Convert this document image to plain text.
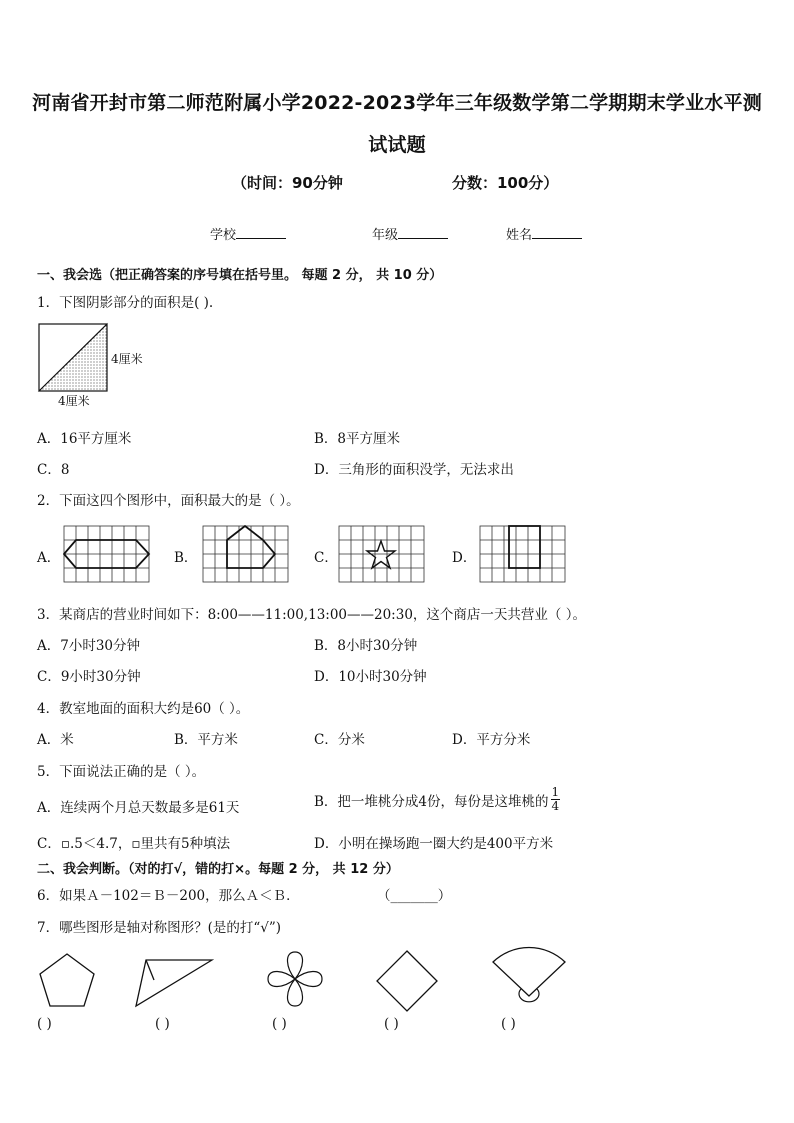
河南省开封市第二师范附属小学2022-2023学年三年级数学第二学期期末学业水平测
试试题
（时间：90分钟	分数：100分）
学校	年级	姓名
一、我会选（把正确答案的序号填在括号里。 每题 2 分， 共 10 分）
1．下图阴影部分的面积是( ).
4厘米
4厘米
A．16平方厘米	B．8平方厘米
C．8	D．三角形的面积没学，无法求出
2．下面这四个图形中，面积最大的是（ ）。
A．	B．	C．	D．
3．某商店的营业时间如下：8:00——11:00,13:00——20:30，这个商店一天共营业（ ）。
A．7小时30分钟	B．8小时30分钟
C．9小时30分钟	D．10小时30分钟
4．教室地面的面积大约是60（ ）。
A．米	B．平方米	C．分米	D．平方分米
5．下面说法正确的是（ ）。
A．连续两个月总天数最多是61天	B．把一堆桃分成4份，每份是这堆桃的 $\frac{1}{4}$
C．▫.5＜4.7，▫里共有5种填法	D．小明在操场跑一圈大约是400平方米
二、我会判断。（对的打√，错的打×。每题 2 分， 共 12 分）
6．如果Ａ－102＝Ｂ－200，那么Ａ＜Ｂ．	（_______）
7．哪些图形是轴对称图形？(是的打“√”)
( )	( )	( )	( )	( )
